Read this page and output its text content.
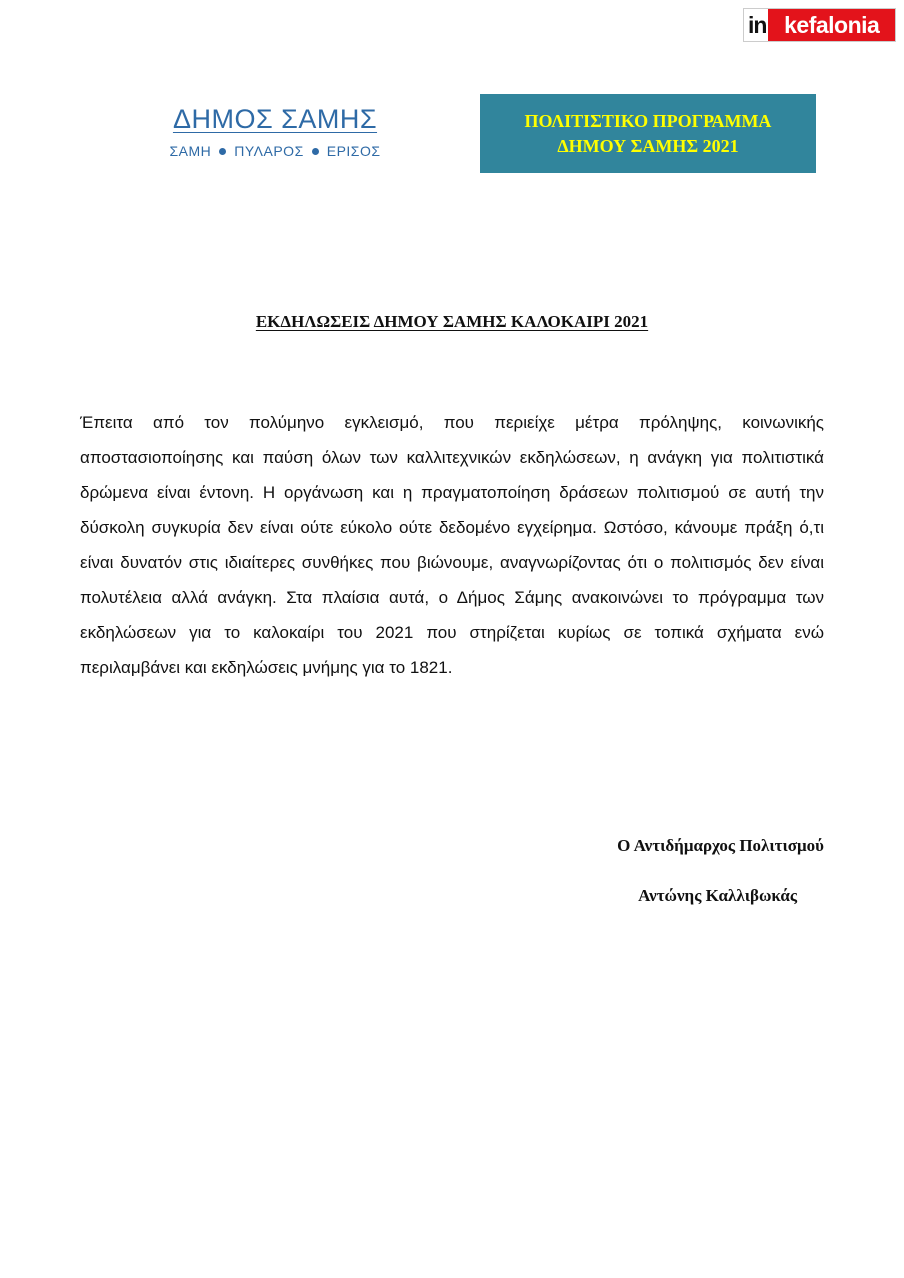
in kefalonia
ΔΗΜΟΣ ΣΑΜΗΣ
ΣΑΜΗ ΠΥΛΑΡΟΣ ΕΡΙΣΟΣ
ΠΟΛΙΤΙΣΤΙΚΟ ΠΡΟΓΡΑΜΜΑ
ΔΗΜΟΥ ΣΑΜΗΣ 2021
ΕΚΔΗΛΩΣΕΙΣ ΔΗΜΟΥ ΣΑΜΗΣ ΚΑΛΟΚΑΙΡΙ 2021
Έπειτα από τον πολύμηνο εγκλεισμό, που περιείχε μέτρα πρόληψης, κοινωνικής αποστασιοποίησης και παύση όλων των καλλιτεχνικών εκδηλώσεων, η ανάγκη για πολιτιστικά δρώμενα είναι έντονη. Η οργάνωση και η πραγματοποίηση δράσεων πολιτισμού σε αυτή την δύσκολη συγκυρία δεν είναι ούτε εύκολο ούτε δεδομένο εγχείρημα. Ωστόσο, κάνουμε πράξη ό,τι είναι δυνατόν στις ιδιαίτερες συνθήκες που βιώνουμε, αναγνωρίζοντας ότι ο πολιτισμός δεν είναι πολυτέλεια αλλά ανάγκη. Στα πλαίσια αυτά, ο Δήμος Σάμης ανακοινώνει το πρόγραμμα των εκδηλώσεων για το καλοκαίρι του 2021 που στηρίζεται κυρίως σε τοπικά σχήματα ενώ περιλαμβάνει και εκδηλώσεις μνήμης για το 1821.
Ο Αντιδήμαρχος Πολιτισμού
Αντώνης Καλλιβωκάς
